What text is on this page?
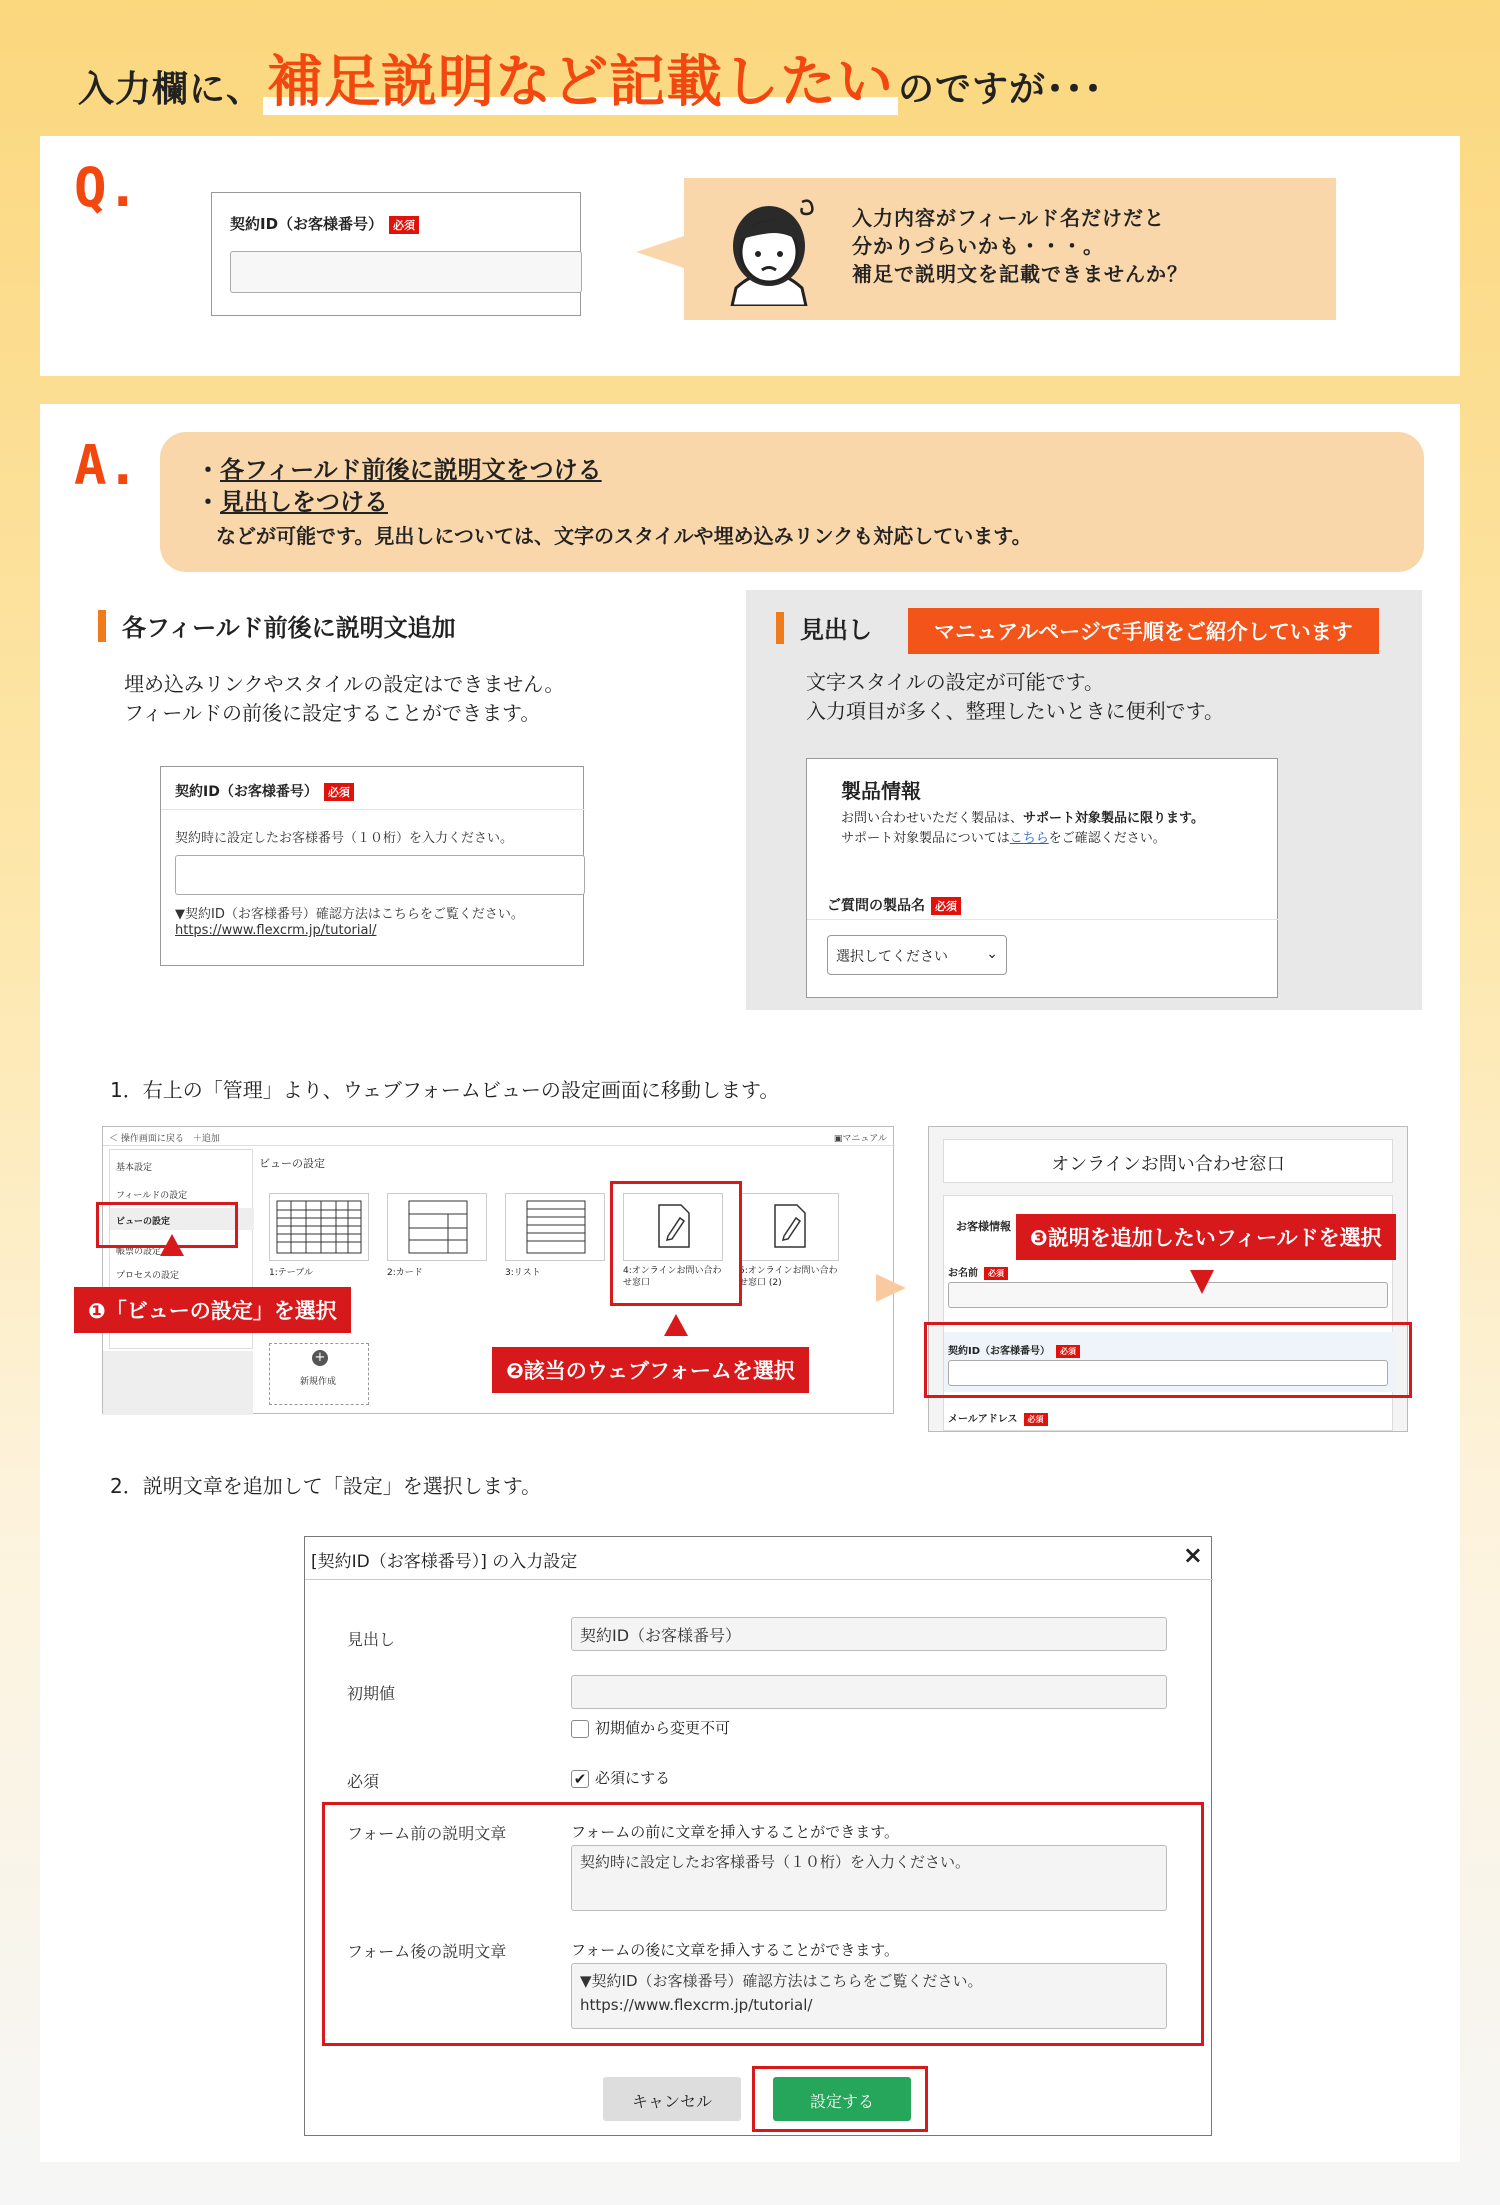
入力欄に、補足説明など記載したい のですが･･･
Q.
契約ID（お客様番号） 必須	入力内容がフィールド名だけだと
分かりづらいかも・・・。
補足で説明文を記載できませんか？
A. ・各フィールド前後に説明文をつける
・見出しをつける
などが可能です。見出しについては、文字のスタイルや埋め込みリンクも対応しています。
各フィールド前後に説明文追加
埋め込みリンクやスタイルの設定はできません。
フィールドの前後に設定することができます。
契約ID（お客様番号） 必須
契約時に設定したお客様番号（１０桁）を入力ください。
▼契約ID（お客様番号）確認方法はこちらをご覧ください。
https://www.flexcrm.jp/tutorial/
見出し	マニュアルページで手順をご紹介しています
文字スタイルの設定が可能です。
入力項目が多く、整理したいときに便利です。
製品情報
お問い合わせいただく製品は、サポート対象製品に限ります。
サポート対象製品についてはこちらをご確認ください。
ご質問の製品名 必須
選択してください	⌄
1．右上の「管理」より、ウェブフォームビューの設定画面に移動します。
＜ 操作画面に戻る　 ＋追加	▣マニュアル
基本設定
フィールドの設定
ビューの設定
帳票の設定
プロセスの設定
ビューの設定
1:テーブル	2:カード	3:リスト	4:オンラインお問い合わせ窓口
5:オンラインお問い合わせ窓口 (2)
+
新規作成
❶「ビューの設定」を選択
❷該当のウェブフォームを選択
オンラインお問い合わせ窓口
お客様情報
お名前 必須
契約ID（お客様番号） 必須
メールアドレス 必須
❸説明を追加したいフィールドを選択
2．説明文章を追加して「設定」を選択します。
[契約ID（お客様番号）] の入力設定	×
見出し	契約ID（お客様番号）
初期値
初期値から変更不可
必須	✔ 必須にする
フォーム前の説明文章	フォームの前に文章を挿入することができます。
契約時に設定したお客様番号（１０桁）を入力ください。
フォーム後の説明文章	フォームの後に文章を挿入することができます。
▼契約ID（お客様番号）確認方法はこちらをご覧ください。
https://www.flexcrm.jp/tutorial/
キャンセル	設定する
